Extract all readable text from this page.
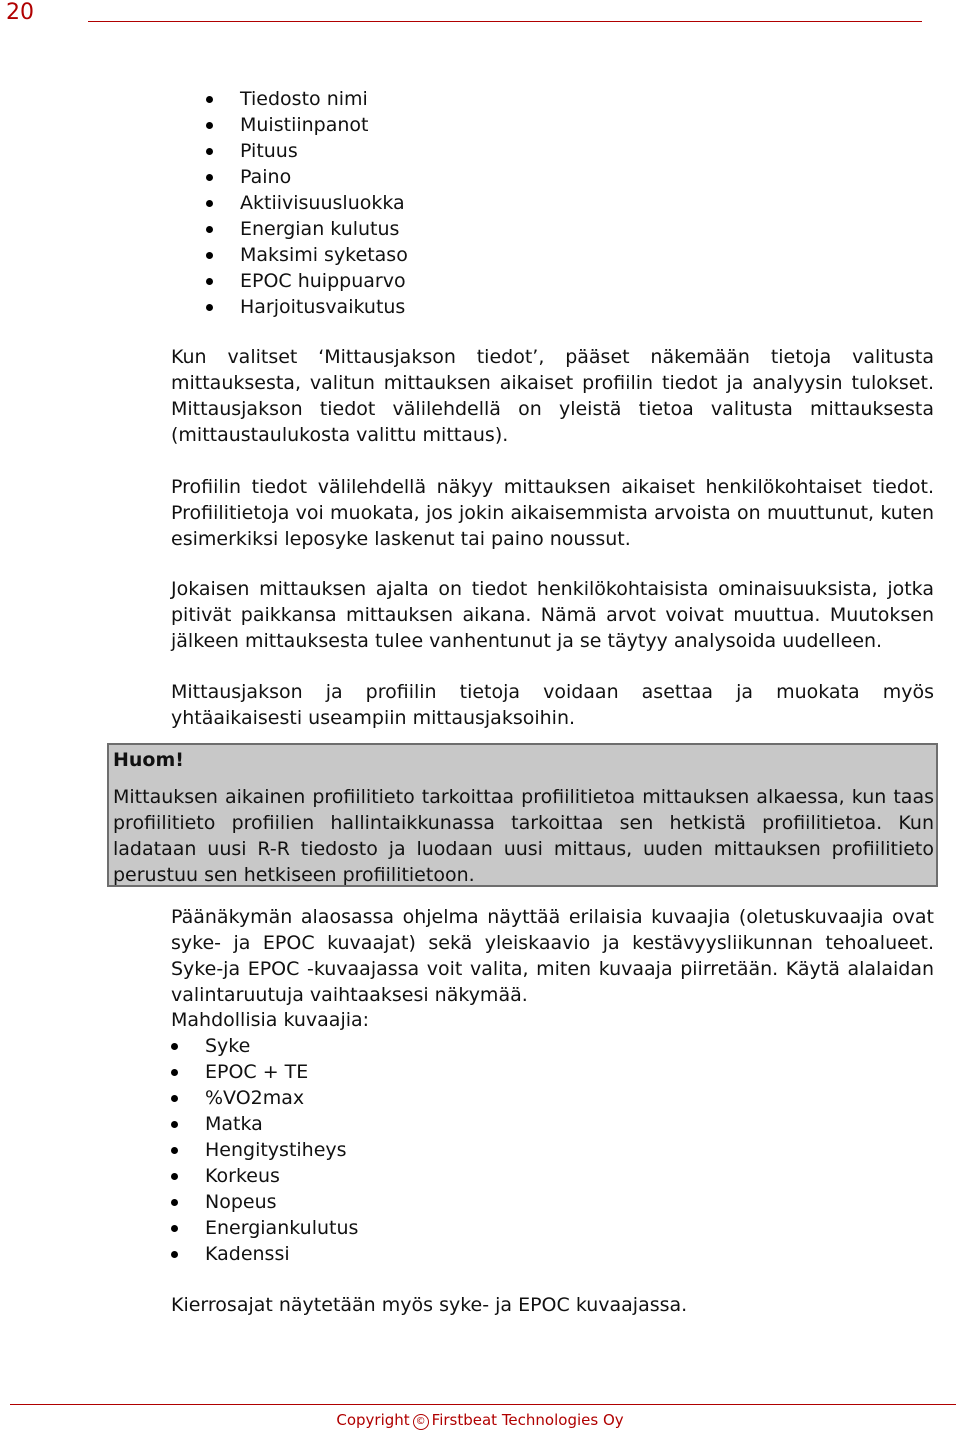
20
Tiedosto nimi
Muistiinpanot
Pituus
Paino
Aktiivisuusluokka
Energian kulutus
Maksimi syketaso
EPOC huippuarvo
Harjoitusvaikutus

Kun valitset ‘Mittausjakson tiedot’, pääset näkemään tietoja valitusta mittauksesta, valitun mittauksen aikaiset profiilin tiedot ja analyysin tulokset. Mittausjakson tiedot välilehdellä on yleistä tietoa valitusta mittauksesta (mittaustaulukosta valittu mittaus).

Profiilin tiedot välilehdellä näkyy mittauksen aikaiset henkilökohtaiset tiedot. Profiilitietoja voi muokata, jos jokin aikaisemmista arvoista on muuttunut, kuten esimerkiksi leposyke laskenut tai paino noussut.

Jokaisen mittauksen ajalta on tiedot henkilökohtaisista ominaisuuksista, jotka pitivät paikkansa mittauksen aikana. Nämä arvot voivat muuttua. Muutoksen jälkeen mittauksesta tulee vanhentunut ja se täytyy analysoida uudelleen.

Mittausjakson ja profiilin tietoja voidaan asettaa ja muokata myös yhtäaikaisesti useampiin mittausjaksoihin.

Huom!

Mittauksen aikainen profiilitieto tarkoittaa profiilitietoa mittauksen alkaessa, kun taas profiilitieto profiilien hallintaikkunassa tarkoittaa sen hetkistä profiilitietoa. Kun ladataan uusi R-R tiedosto ja luodaan uusi mittaus, uuden mittauksen profiilitieto perustuu sen hetkiseen profiilitietoon.

Päänäkymän alaosassa ohjelma näyttää erilaisia kuvaajia (oletuskuvaajia ovat syke- ja EPOC kuvaajat) sekä yleiskaavio ja kestävyysliikunnan tehoalueet. Syke-ja EPOC -kuvaajassa voit valita, miten kuvaaja piirretään. Käytä alalaidan valintaruutuja vaihtaaksesi näkymää.

Mahdollisia kuvaajia:

Syke
EPOC + TE
%VO2max
Matka
Hengitystiheys
Korkeus
Nopeus
Energiankulutus
Kadenssi

Kierrosajat näytetään myös syke- ja EPOC kuvaajassa.

Copyright © Firstbeat Technologies Oy
